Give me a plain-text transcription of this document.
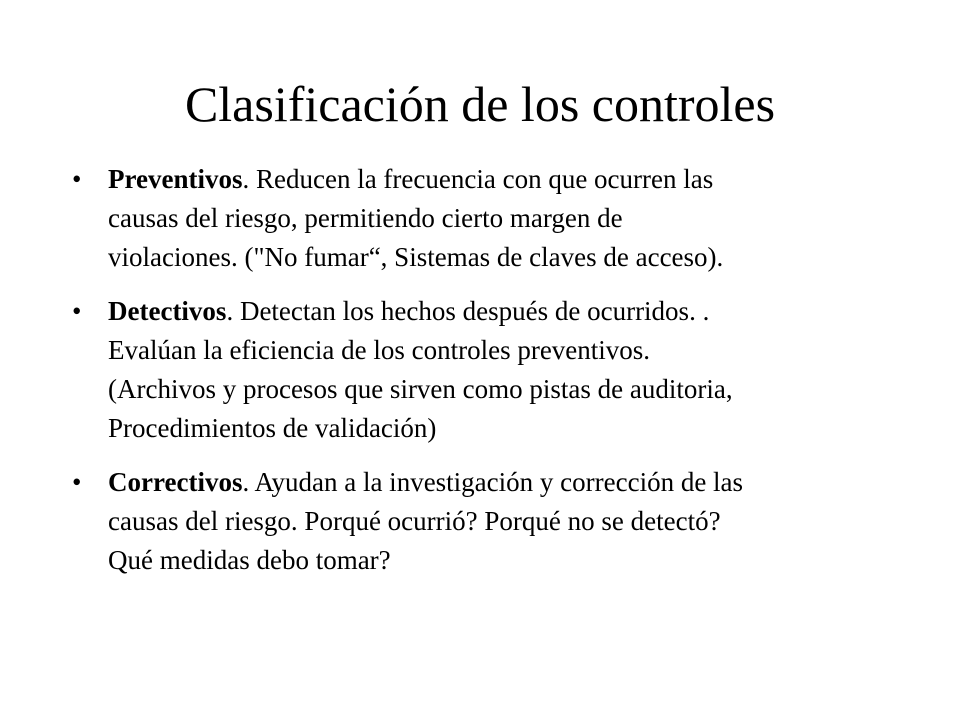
Clasificación de los controles
• Preventivos. Reducen la frecuencia con que ocurren las
causas del riesgo, permitiendo cierto margen de
violaciones. ("No fumar“, Sistemas de claves de acceso).
• Detectivos. Detectan los hechos después de ocurridos. .
Evalúan la eficiencia de los controles preventivos.
(Archivos y procesos que sirven como pistas de auditoria,
Procedimientos de validación)
• Correctivos. Ayudan a la investigación y corrección de las
causas del riesgo. Porqué ocurrió? Porqué no se detectó?
Qué medidas debo tomar?
